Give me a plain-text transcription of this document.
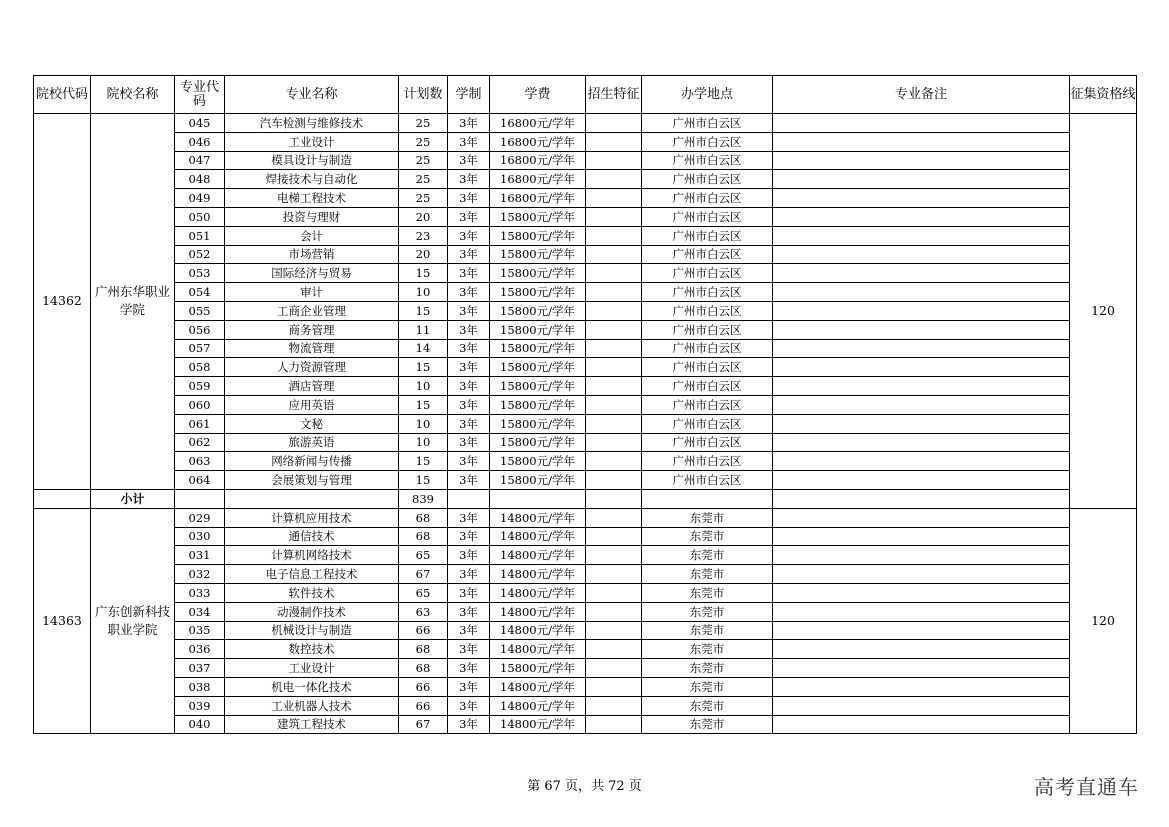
院校代码	院校名称	专业代码	专业名称	计划数	学制	学费	招生特征	办学地点	专业备注	征集资格线
14362	广州东华职业学院	045	汽车检测与维修技术	25	3年	16800元/学年		广州市白云区		120
		046	工业设计	25	3年	16800元/学年		广州市白云区		
		047	模具设计与制造	25	3年	16800元/学年		广州市白云区		
		048	焊接技术与自动化	25	3年	16800元/学年		广州市白云区		
		049	电梯工程技术	25	3年	16800元/学年		广州市白云区		
		050	投资与理财	20	3年	15800元/学年		广州市白云区		
		051	会计	23	3年	15800元/学年		广州市白云区		
		052	市场营销	20	3年	15800元/学年		广州市白云区		
		053	国际经济与贸易	15	3年	15800元/学年		广州市白云区		
		054	审计	10	3年	15800元/学年		广州市白云区		
		055	工商企业管理	15	3年	15800元/学年		广州市白云区		
		056	商务管理	11	3年	15800元/学年		广州市白云区		
		057	物流管理	14	3年	15800元/学年		广州市白云区		
		058	人力资源管理	15	3年	15800元/学年		广州市白云区		
		059	酒店管理	10	3年	15800元/学年		广州市白云区		
		060	应用英语	15	3年	15800元/学年		广州市白云区		
		061	文秘	10	3年	15800元/学年		广州市白云区		
		062	旅游英语	10	3年	15800元/学年		广州市白云区		
		063	网络新闻与传播	15	3年	15800元/学年		广州市白云区		
		064	会展策划与管理	15	3年	15800元/学年		广州市白云区		
	小计			839						
14363	广东创新科技职业学院	029	计算机应用技术	68	3年	14800元/学年		东莞市		120
		030	通信技术	68	3年	14800元/学年		东莞市		
		031	计算机网络技术	65	3年	14800元/学年		东莞市		
		032	电子信息工程技术	67	3年	14800元/学年		东莞市		
		033	软件技术	65	3年	14800元/学年		东莞市		
		034	动漫制作技术	63	3年	14800元/学年		东莞市		
		035	机械设计与制造	66	3年	14800元/学年		东莞市		
		036	数控技术	68	3年	14800元/学年		东莞市		
		037	工业设计	68	3年	15800元/学年		东莞市		
		038	机电一体化技术	66	3年	14800元/学年		东莞市		
		039	工业机器人技术	66	3年	14800元/学年		东莞市		
		040	建筑工程技术	67	3年	14800元/学年		东莞市		
第 67 页，共 72 页	高考直通车
